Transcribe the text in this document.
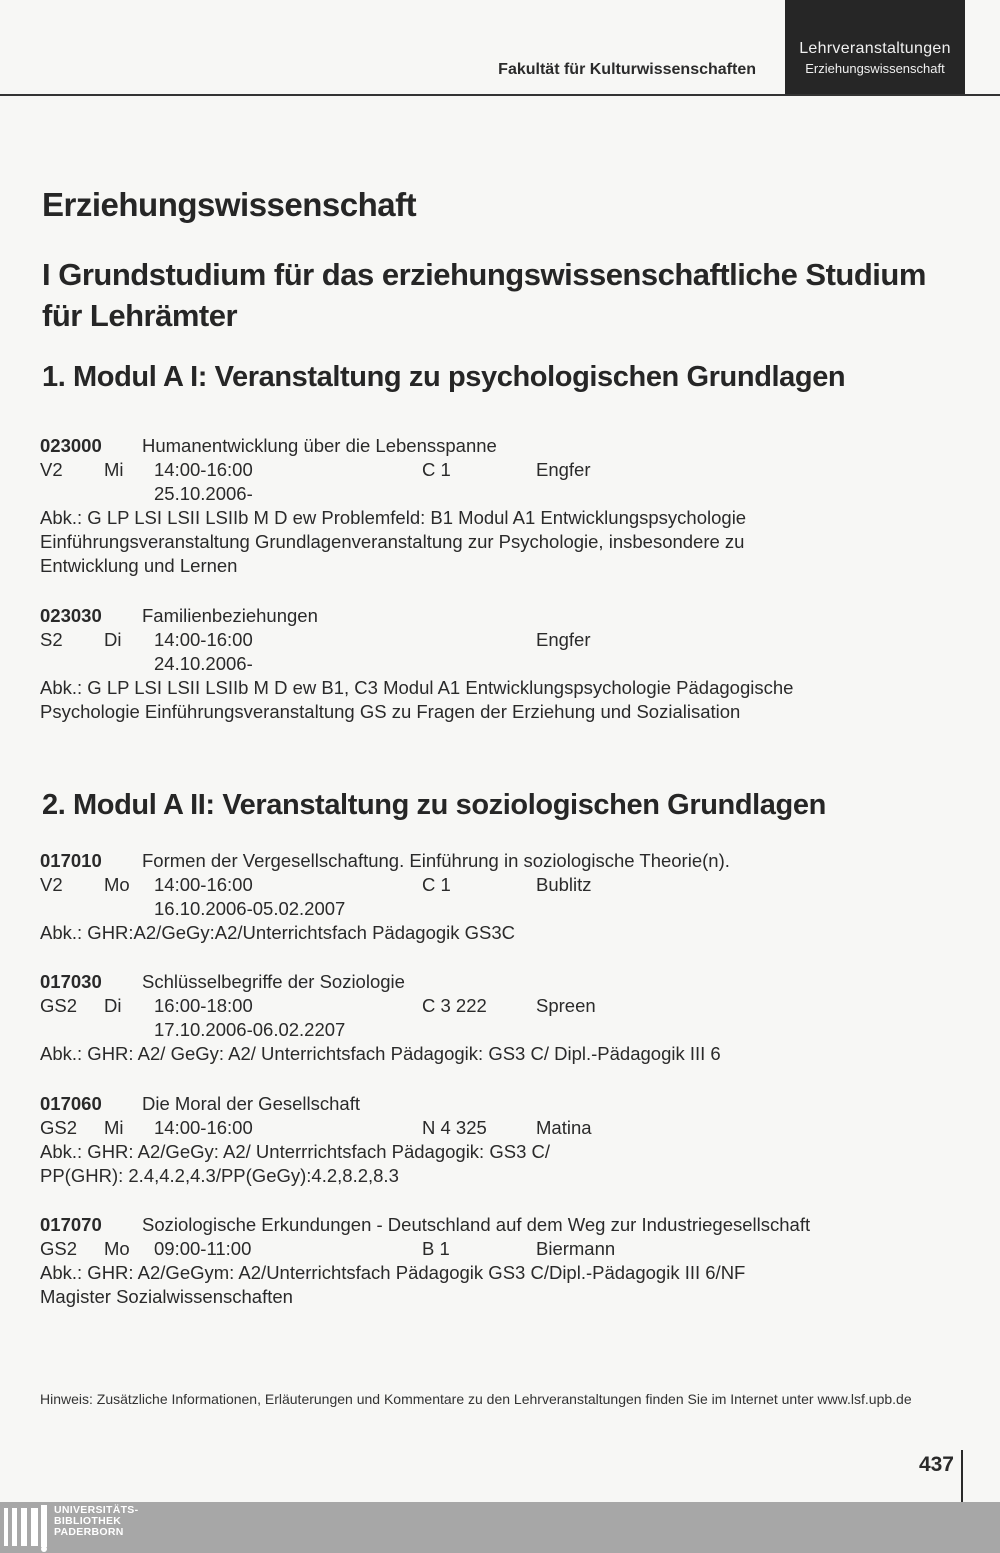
Fakultät für Kulturwissenschaften
Lehrveranstaltungen
Erziehungswissenschaft
Erziehungswissenschaft
I Grundstudium für das erziehungswissenschaftliche Studium für Lehrämter
1. Modul A I: Veranstaltung zu psychologischen Grundlagen
023000 Humanentwicklung über die Lebensspanne
V2 Mi 14:00-16:00	C 1	Engfer
25.10.2006-
Abk.: G LP LSI LSII LSIIb M D ew Problemfeld: B1 Modul A1 Entwicklungspsychologie Einführungsveranstaltung Grundlagenveranstaltung zur Psychologie, insbesondere zu Entwicklung und Lernen
023030 Familienbeziehungen
S2 Di 14:00-16:00	Engfer
24.10.2006-
Abk.: G LP LSI LSII LSIIb M D ew B1, C3 Modul A1 Entwicklungspsychologie Pädagogische Psychologie Einführungsveranstaltung GS zu Fragen der Erziehung und Sozialisation
2. Modul A II: Veranstaltung zu soziologischen Grundlagen
017010 Formen der Vergesellschaftung. Einführung in soziologische Theorie(n).
V2 Mo 14:00-16:00	C 1	Bublitz
16.10.2006-05.02.2007
Abk.: GHR:A2/GeGy:A2/Unterrichtsfach Pädagogik GS3C
017030 Schlüsselbegriffe der Soziologie
GS2 Di 16:00-18:00	C 3 222	Spreen
17.10.2006-06.02.2207
Abk.: GHR: A2/ GeGy: A2/ Unterrichtsfach Pädagogik: GS3 C/ Dipl.-Pädagogik III 6
017060 Die Moral der Gesellschaft
GS2 Mi 14:00-16:00	N 4 325	Matina
Abk.: GHR: A2/GeGy: A2/ Unterrrichtsfach Pädagogik: GS3 C/ PP(GHR): 2.4,4.2,4.3/PP(GeGy):4.2,8.2,8.3
017070 Soziologische Erkundungen - Deutschland auf dem Weg zur Industriegesellschaft
GS2 Mo 09:00-11:00	B 1	Biermann
Abk.: GHR: A2/GeGym: A2/Unterrichtsfach Pädagogik GS3 C/Dipl.-Pädagogik III 6/NF Magister Sozialwissenschaften
Hinweis: Zusätzliche Informationen, Erläuterungen und Kommentare zu den Lehrveranstaltungen finden Sie im Internet unter www.lsf.upb.de
437
UNIVERSITÄTS-
BIBLIOTHEK
PADERBORN
